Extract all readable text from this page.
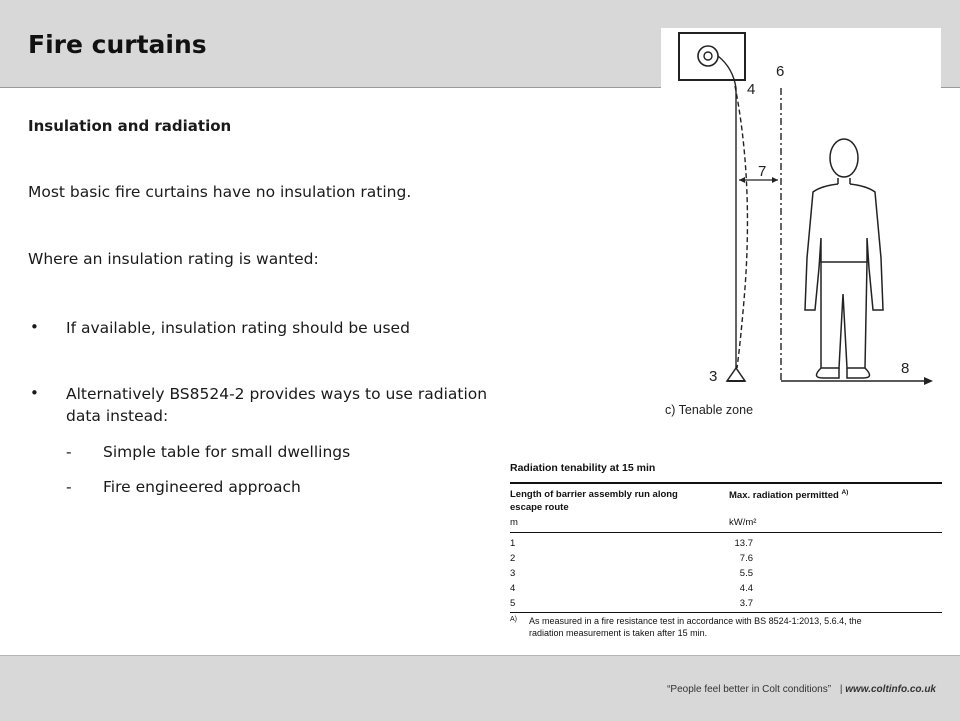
Fire curtains
Insulation and radiation
Most basic fire curtains have no insulation rating.
Where an insulation rating is wanted:
• If available, insulation rating should be used
• Alternatively BS8524-2 provides ways to use radiation
data instead:
- Simple table for small dwellings
- Fire engineered approach
4
6
7
3	8
c) Tenable zone
Radiation tenability at 15 min
Length of barrier assembly run along
escape route
Max. radiation permitted $^{A)}$
m	kW/m²
1	13.7
2	7.6
3	5.5
4	4.4
5	3.7
A) As measured in a fire resistance test in accordance with BS 8524-1:2013, 5.6.4, the
radiation measurement is taken after 15 min.
“People feel better in Colt conditions” | www.coltinfo.co.uk
